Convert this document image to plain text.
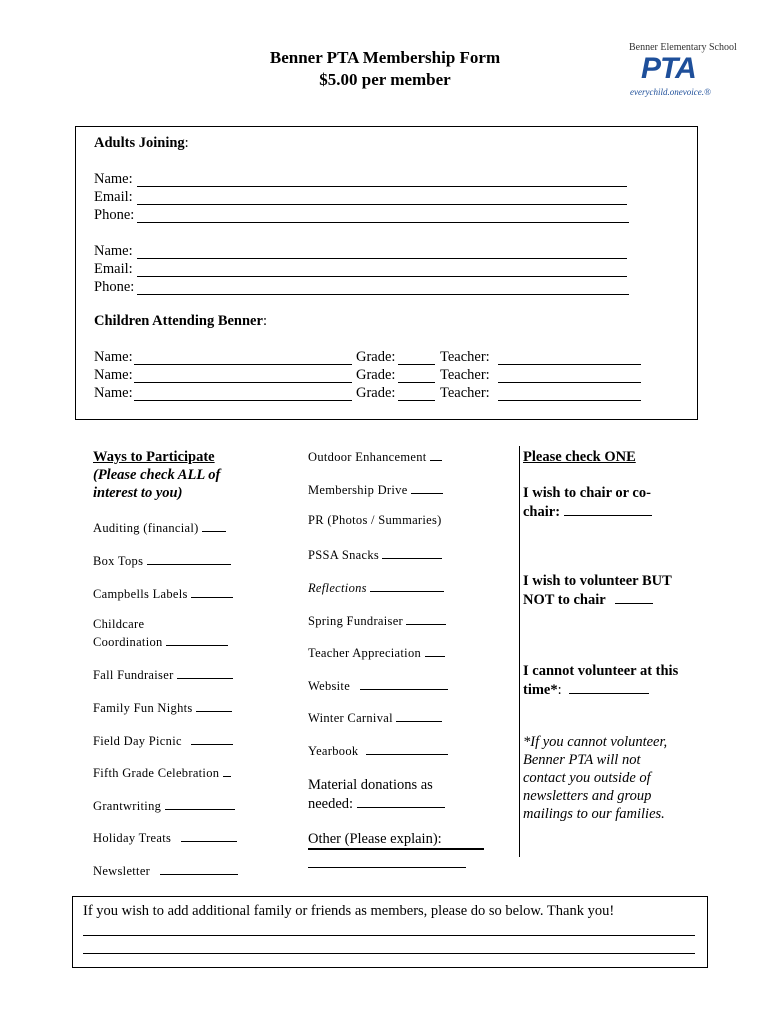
Benner PTA Membership Form
$5.00 per member
Benner Elementary School
PTA
everychild.onevoice.®
Adults Joining:
Name:
Email:
Phone:
Name:
Email:
Phone:
Children Attending Benner:
Name:	Grade:	Teacher:
Name:	Grade:	Teacher:
Name:	Grade:	Teacher:
Ways to Participate
(Please check ALL of
interest to you)
Auditing (financial)
Box Tops
Campbells Labels
Childcare
Coordination
Fall Fundraiser
Family Fun Nights
Field Day Picnic
Fifth Grade Celebration
Grantwriting
Holiday Treats
Newsletter
Outdoor Enhancement
Membership Drive
PR (Photos / Summaries)
PSSA Snacks
Reflections
Spring Fundraiser
Teacher Appreciation
Website
Winter Carnival
Yearbook
Material donations as
needed:
Other (Please explain):
Please check ONE
I wish to chair or co-
chair:
I wish to volunteer BUT
NOT to chair
I cannot volunteer at this
time*:
*If you cannot volunteer,
Benner PTA will not
contact you outside of
newsletters and group
mailings to our families.
If you wish to add additional family or friends as members, please do so below. Thank you!
